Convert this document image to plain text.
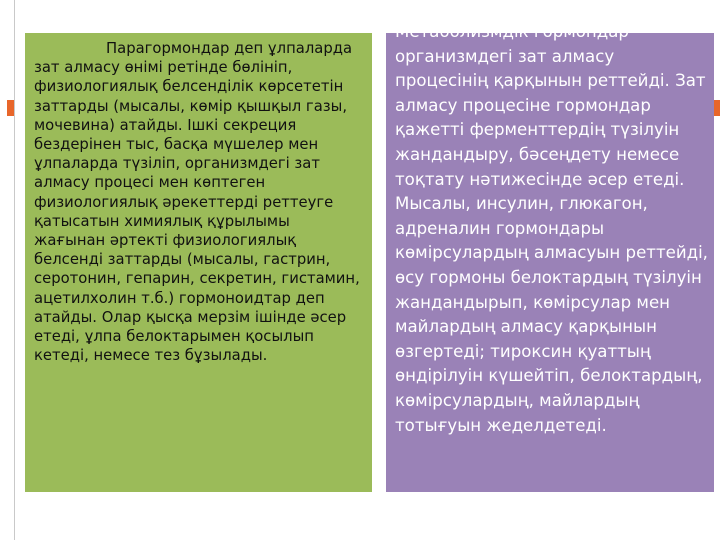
Парагормондар деп ұлпаларда зат алмасу өнімі ретінде бөлініп, физиологиялық белсенділік көрсететін заттарды (мысалы, көмір қышқыл газы, мочевина) атайды. Ішкі секреция бездерінен тыс, басқа мүшелер мен ұлпаларда түзіліп, организмдегі зат алмасу процесі мен көптеген физиологиялық әрекеттерді реттеуге қатысатын химиялық құрылымы жағынан әртекті физиологиялық белсенді заттарды (мысалы, гастрин, серотонин, гепарин, секретин, гистамин, ацетилхолин т.б.) гормоноидтар деп атайды. Олар қысқа мерзім ішінде әсер етеді, ұлпа белоктарымен қосылып кетеді, немесе тез бұзылады.
Метаболизмдік гормондар организмдегі зат алмасу процесінің қарқынын реттейді. Зат алмасу процесіне гормондар қажетті ферменттердің түзілуін жандандыру, бәсеңдету немесе тоқтату нәтижесінде әсер етеді. Мысалы, инсулин, глюкагон, адреналин гормондары көмірсулардың алмасуын реттейді, өсу гормоны белоктардың түзілуін жандандырып, көмірсулар мен майлардың алмасу қарқынын өзгертеді; тироксин қуаттың өндірілуін күшейтіп, белоктардың, көмірсулардың, майлардың тотығуын жеделдетеді.
